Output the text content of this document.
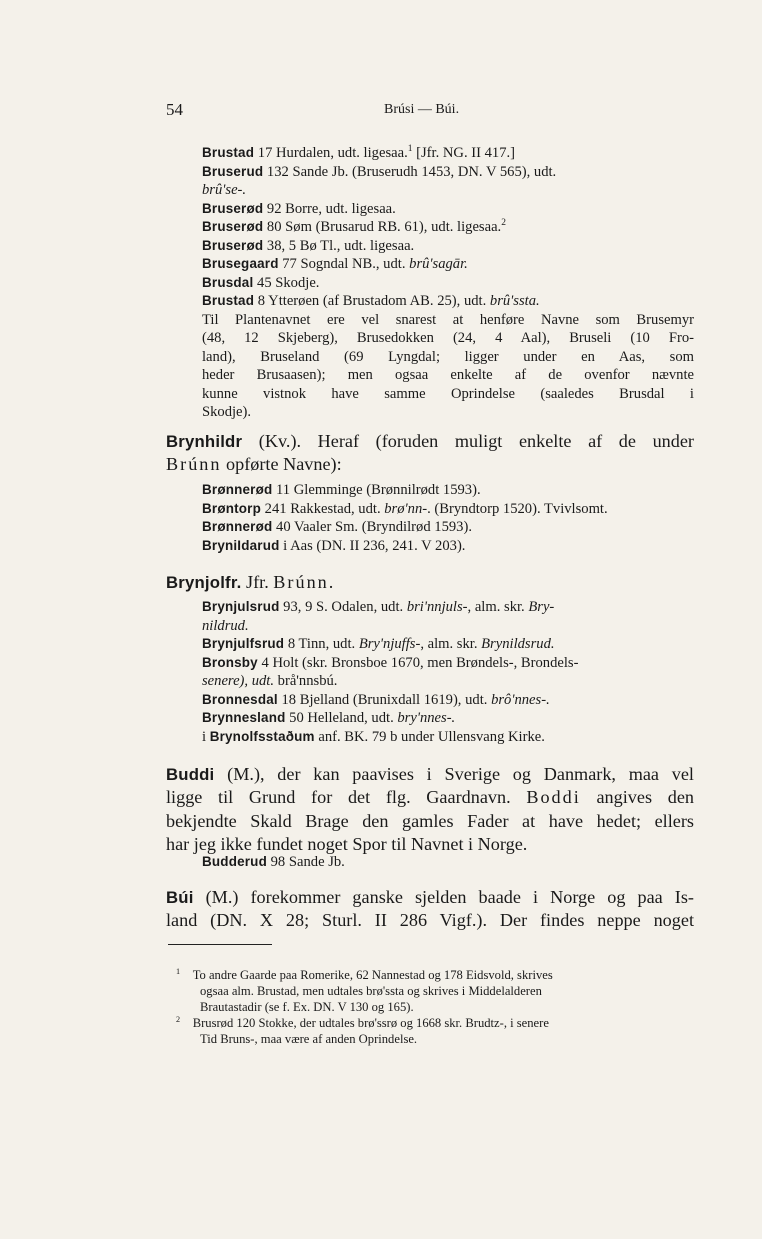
54	Brúsi — Búi.
Brustad 17 Hurdalen, udt. ligesaa.$^1$ [Jfr. NG. II 417.]
Bruserud 132 Sande Jb. (Bruserudh 1453, DN. V 565), udt.
brû'se-.
Bruserød 92 Borre, udt. ligesaa.
Bruserød 80 Søm (Brusarud RB. 61), udt. ligesaa.$^2$
Bruserød 38, 5 Bø Tl., udt. ligesaa.
Brusegaard 77 Sogndal NB., udt. brû'sagār.
Brusdal 45 Skodje.
Brustad 8 Ytterøen (af Brustadom AB. 25), udt. brû'ssta.
Til Plantenavnet ere vel snarest at henføre Navne som Brusemyr
(48, 12 Skjeberg), Brusedokken (24, 4 Aal), Bruseli (10 Fro-
land), Bruseland (69 Lyngdal; ligger under en Aas, som
heder Brusaasen); men ogsaa enkelte af de ovenfor nævnte
kunne vistnok have samme Oprindelse (saaledes Brusdal i
Skodje).
Brynhildr (Kv.). Heraf (foruden muligt enkelte af de under
Brúnn opførte Navne):
Brønnerød 11 Glemminge (Brønnilrødt 1593).
Brøntorp 241 Rakkestad, udt. brø'nn-. (Bryndtorp 1520). Tvivlsomt.
Brønnerød 40 Vaaler Sm. (Bryndilrød 1593).
BryniIdarud i Aas (DN. II 236, 241. V 203).
Brynjolfr. Jfr. Brúnn.
Brynjulsrud 93, 9 S. Odalen, udt. bri'nnjuls-, alm. skr. Bry-
nildrud.
Brynjulfsrud 8 Tinn, udt. Bry'njuffs-, alm. skr. Brynildsrud.
Bronsby 4 Holt (skr. Bronsboe 1670, men Brøndels-, Brondels-
senere), udt. brå'nnsbú.
Bronnesdal 18 Bjelland (Brunixdall 1619), udt. brô'nnes-.
Brynnesland 50 Helleland, udt. bry'nnes-.
i Brynolfsstaðum anf. BK. 79 b under Ullensvang Kirke.
Buddi (M.), der kan paavises i Sverige og Danmark, maa vel
ligge til Grund for det flg. Gaardnavn. Boddi angives den
bekjendte Skald Brage den gamles Fader at have hedet; ellers
har jeg ikke fundet noget Spor til Navnet i Norge.
Budderud 98 Sande Jb.
Búi (M.) forekommer ganske sjelden baade i Norge og paa Is-
land (DN. X 28; Sturl. II 286 Vigf.). Der findes neppe noget
$^1$ To andre Gaarde paa Romerike, 62 Nannestad og 178 Eidsvold, skrives
ogsaa alm. Brustad, men udtales brø'ssta og skrives i Middelalderen
Brautastadir (se f. Ex. DN. V 130 og 165).
$^2$ Brusrød 120 Stokke, der udtales brø'ssrø og 1668 skr. Brudtz-, i senere
Tid Bruns-, maa være af anden Oprindelse.
